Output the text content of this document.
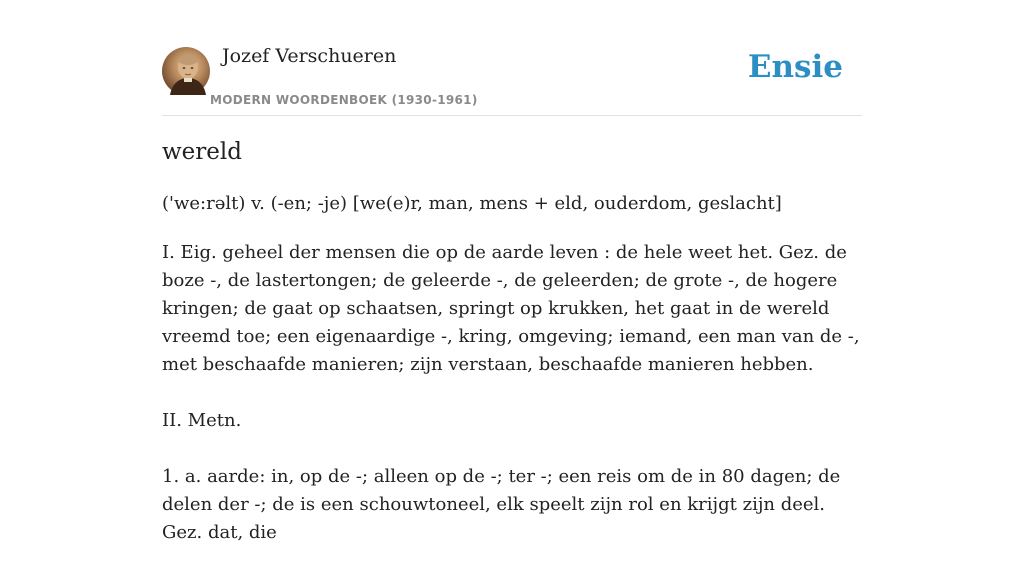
Jozef Verschueren
MODERN WOORDENBOEK (1930-1961)
Ensie
wereld
('we:rəlt) v. (-en; -je) [we(e)r, man, mens + eld, ouderdom, geslacht]

I. Eig. geheel der mensen die op de aarde leven : de hele weet het. Gez. de boze -, de lastertongen; de geleerde -, de geleerden; de grote -, de hogere kringen; de gaat op schaatsen, springt op krukken, het gaat in de wereld vreemd toe; een eigenaardige -, kring, omgeving; iemand, een man van de -, met beschaafde manieren; zijn verstaan, beschaafde manieren hebben.

II. Metn.

1. a. aarde: in, op de -; alleen op de -; ter -; een reis om de in 80 dagen; de delen der -; de is een schouwtoneel, elk speelt zijn rol en krijgt zijn deel. Gez. dat, die
